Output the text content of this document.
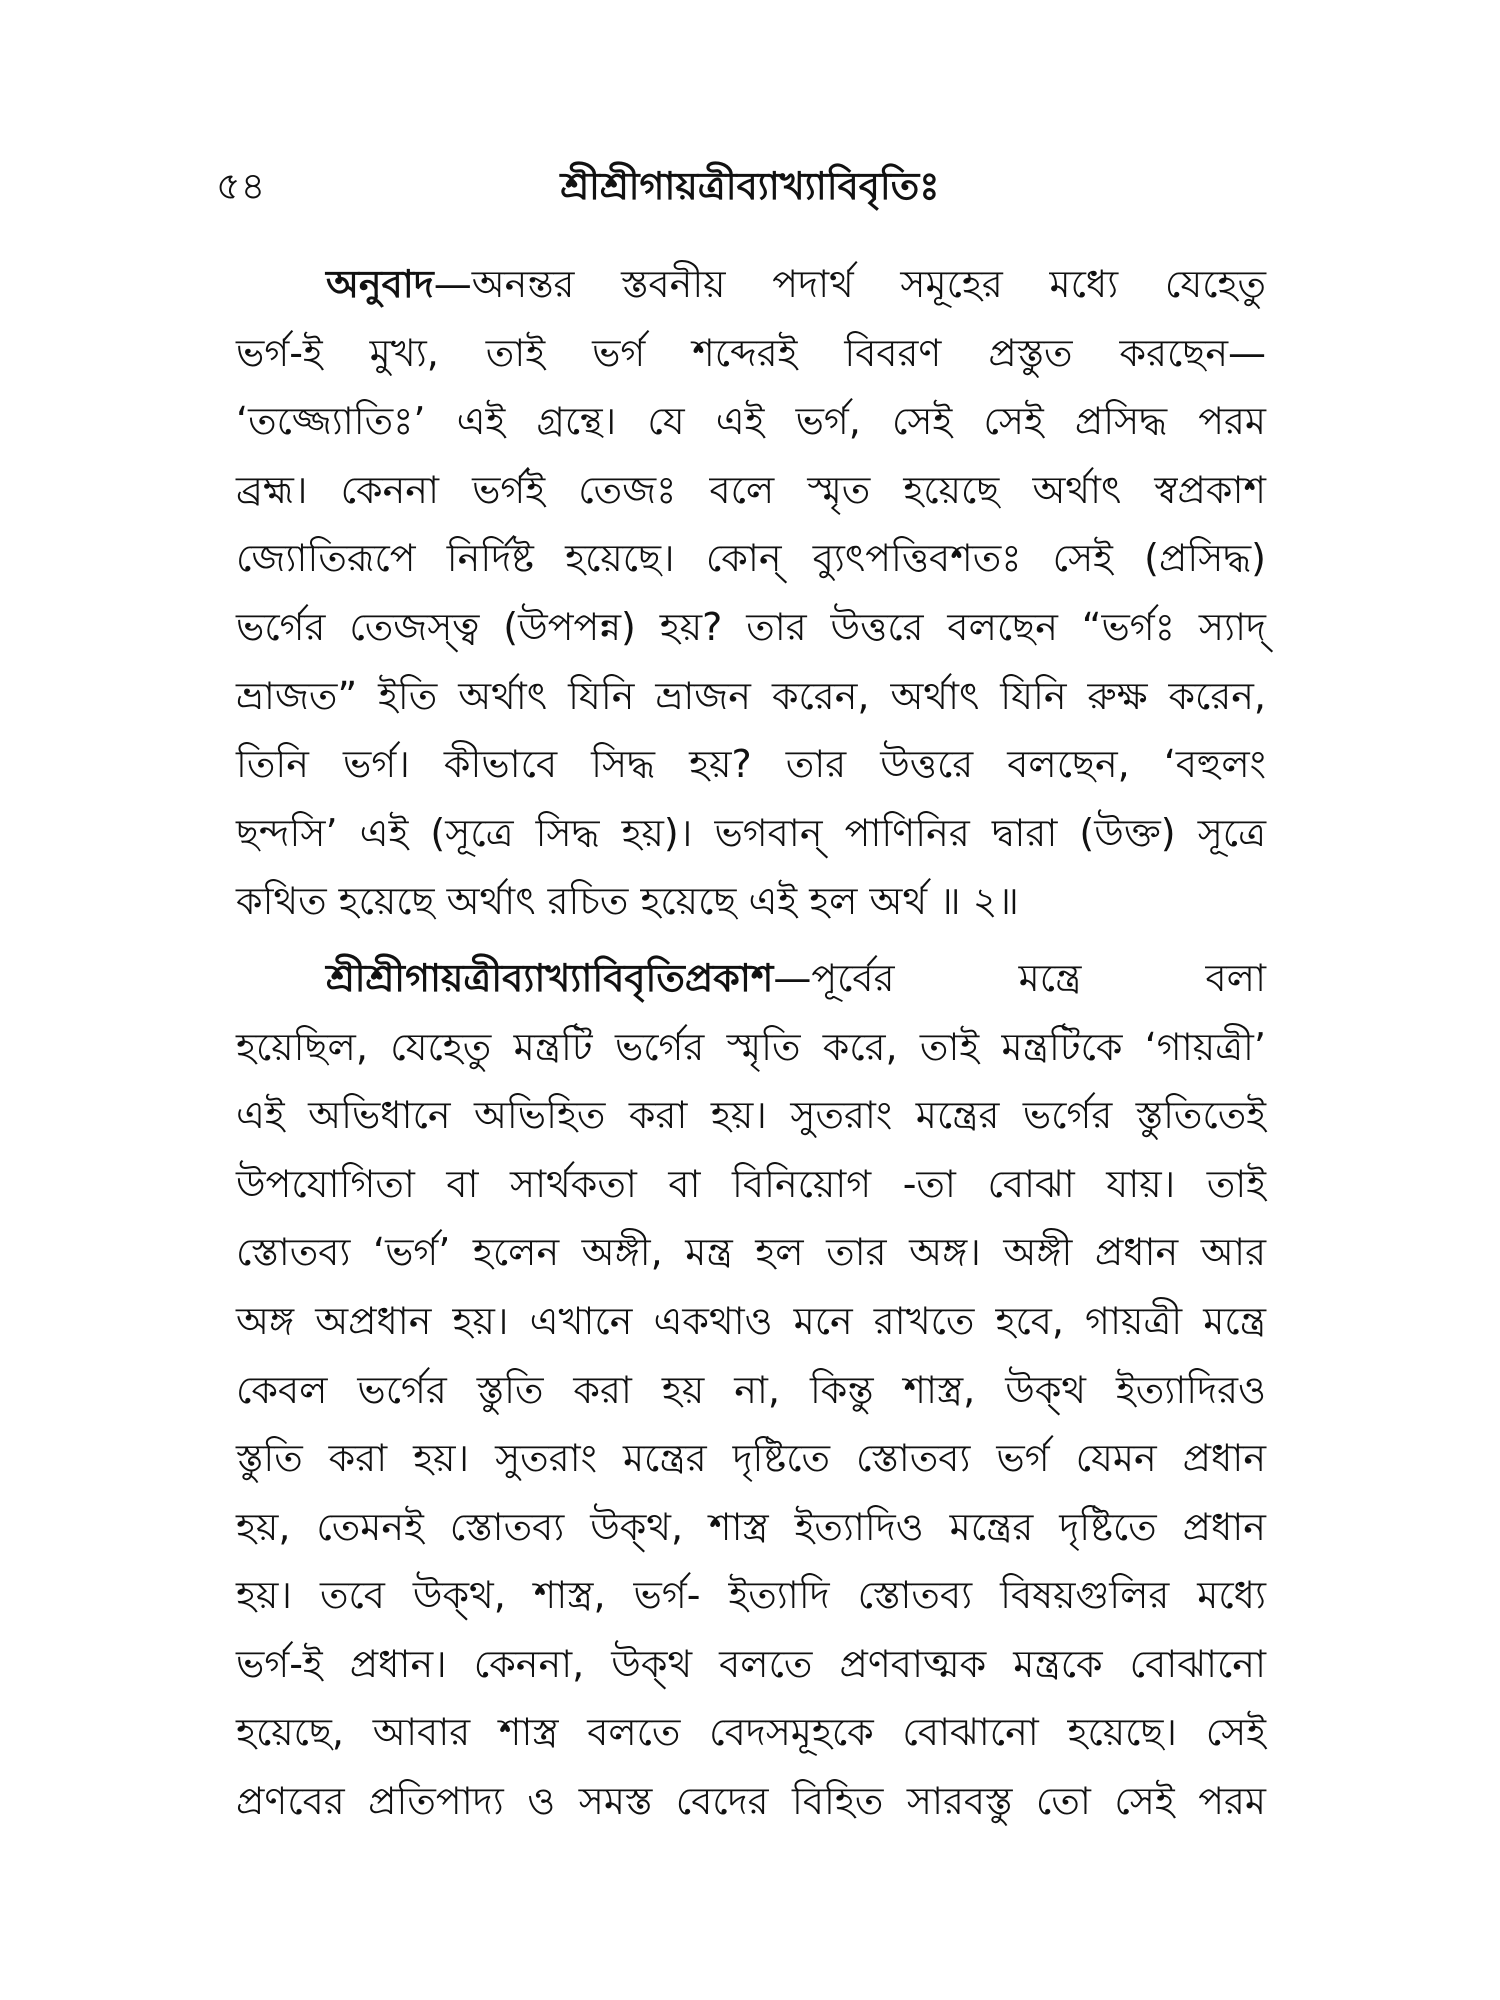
৫৪	শ্রীশ্রীগায়ত্রীব্যাখ্যাবিবৃতিঃ
অনুবাদ—অনন্তর স্তবনীয় পদার্থ সমূহের মধ্যে যেহেতু
ভর্গ-ই মুখ্য, তাই ভর্গ শব্দেরই বিবরণ প্রস্তুত করছেন—
‘তজ্জ্যোতিঃ’ এই গ্রন্থে। যে এই ভর্গ, সেই সেই প্রসিদ্ধ পরম
ব্রহ্ম। কেননা ভর্গই তেজঃ বলে স্মৃত হয়েছে অর্থাৎ স্বপ্রকাশ
জ্যোতিরূপে নির্দিষ্ট হয়েছে। কোন্ ব্যুৎপত্তিবশতঃ সেই (প্রসিদ্ধ)
ভর্গের তেজস্ত্ব (উপপন্ন) হয়? তার উত্তরে বলছেন “ভর্গঃ স্যাদ্
ভ্রাজত” ইতি অর্থাৎ যিনি ভ্রাজন করেন, অর্থাৎ যিনি রুক্ষ করেন,
তিনি ভর্গ। কীভাবে সিদ্ধ হয়? তার উত্তরে বলছেন, ‘বহুলং
ছন্দসি’ এই (সূত্রে সিদ্ধ হয়)। ভগবান্ পাণিনির দ্বারা (উক্ত) সূত্রে
কথিত হয়েছে অর্থাৎ রচিত হয়েছে এই হল অর্থ ॥ ২॥
শ্রীশ্রীগায়ত্রীব্যাখ্যাবিবৃতিপ্রকাশ—পূর্বের মন্ত্রে বলা
হয়েছিল, যেহেতু মন্ত্রটি ভর্গের স্মৃতি করে, তাই মন্ত্রটিকে ‘গায়ত্রী’
এই অভিধানে অভিহিত করা হয়। সুতরাং মন্ত্রের ভর্গের স্তুতিতেই
উপযোগিতা বা সার্থকতা বা বিনিয়োগ -তা বোঝা যায়। তাই
স্তোতব্য ‘ভর্গ’ হলেন অঙ্গী, মন্ত্র হল তার অঙ্গ। অঙ্গী প্রধান আর
অঙ্গ অপ্রধান হয়। এখানে একথাও মনে রাখতে হবে, গায়ত্রী মন্ত্রে
কেবল ভর্গের স্তুতি করা হয় না, কিন্তু শাস্ত্র, উক্থ ইত্যাদিরও
স্তুতি করা হয়। সুতরাং মন্ত্রের দৃষ্টিতে স্তোতব্য ভর্গ যেমন প্রধান
হয়, তেমনই স্তোতব্য উক্থ, শাস্ত্র ইত্যাদিও মন্ত্রের দৃষ্টিতে প্রধান
হয়। তবে উক্থ, শাস্ত্র, ভর্গ- ইত্যাদি স্তোতব্য বিষয়গুলির মধ্যে
ভর্গ-ই প্রধান। কেননা, উক্থ বলতে প্রণবাত্মক মন্ত্রকে বোঝানো
হয়েছে, আবার শাস্ত্র বলতে বেদসমূহকে বোঝানো হয়েছে। সেই
প্রণবের প্রতিপাদ্য ও সমস্ত বেদের বিহিত সারবস্তু তো সেই পরম
